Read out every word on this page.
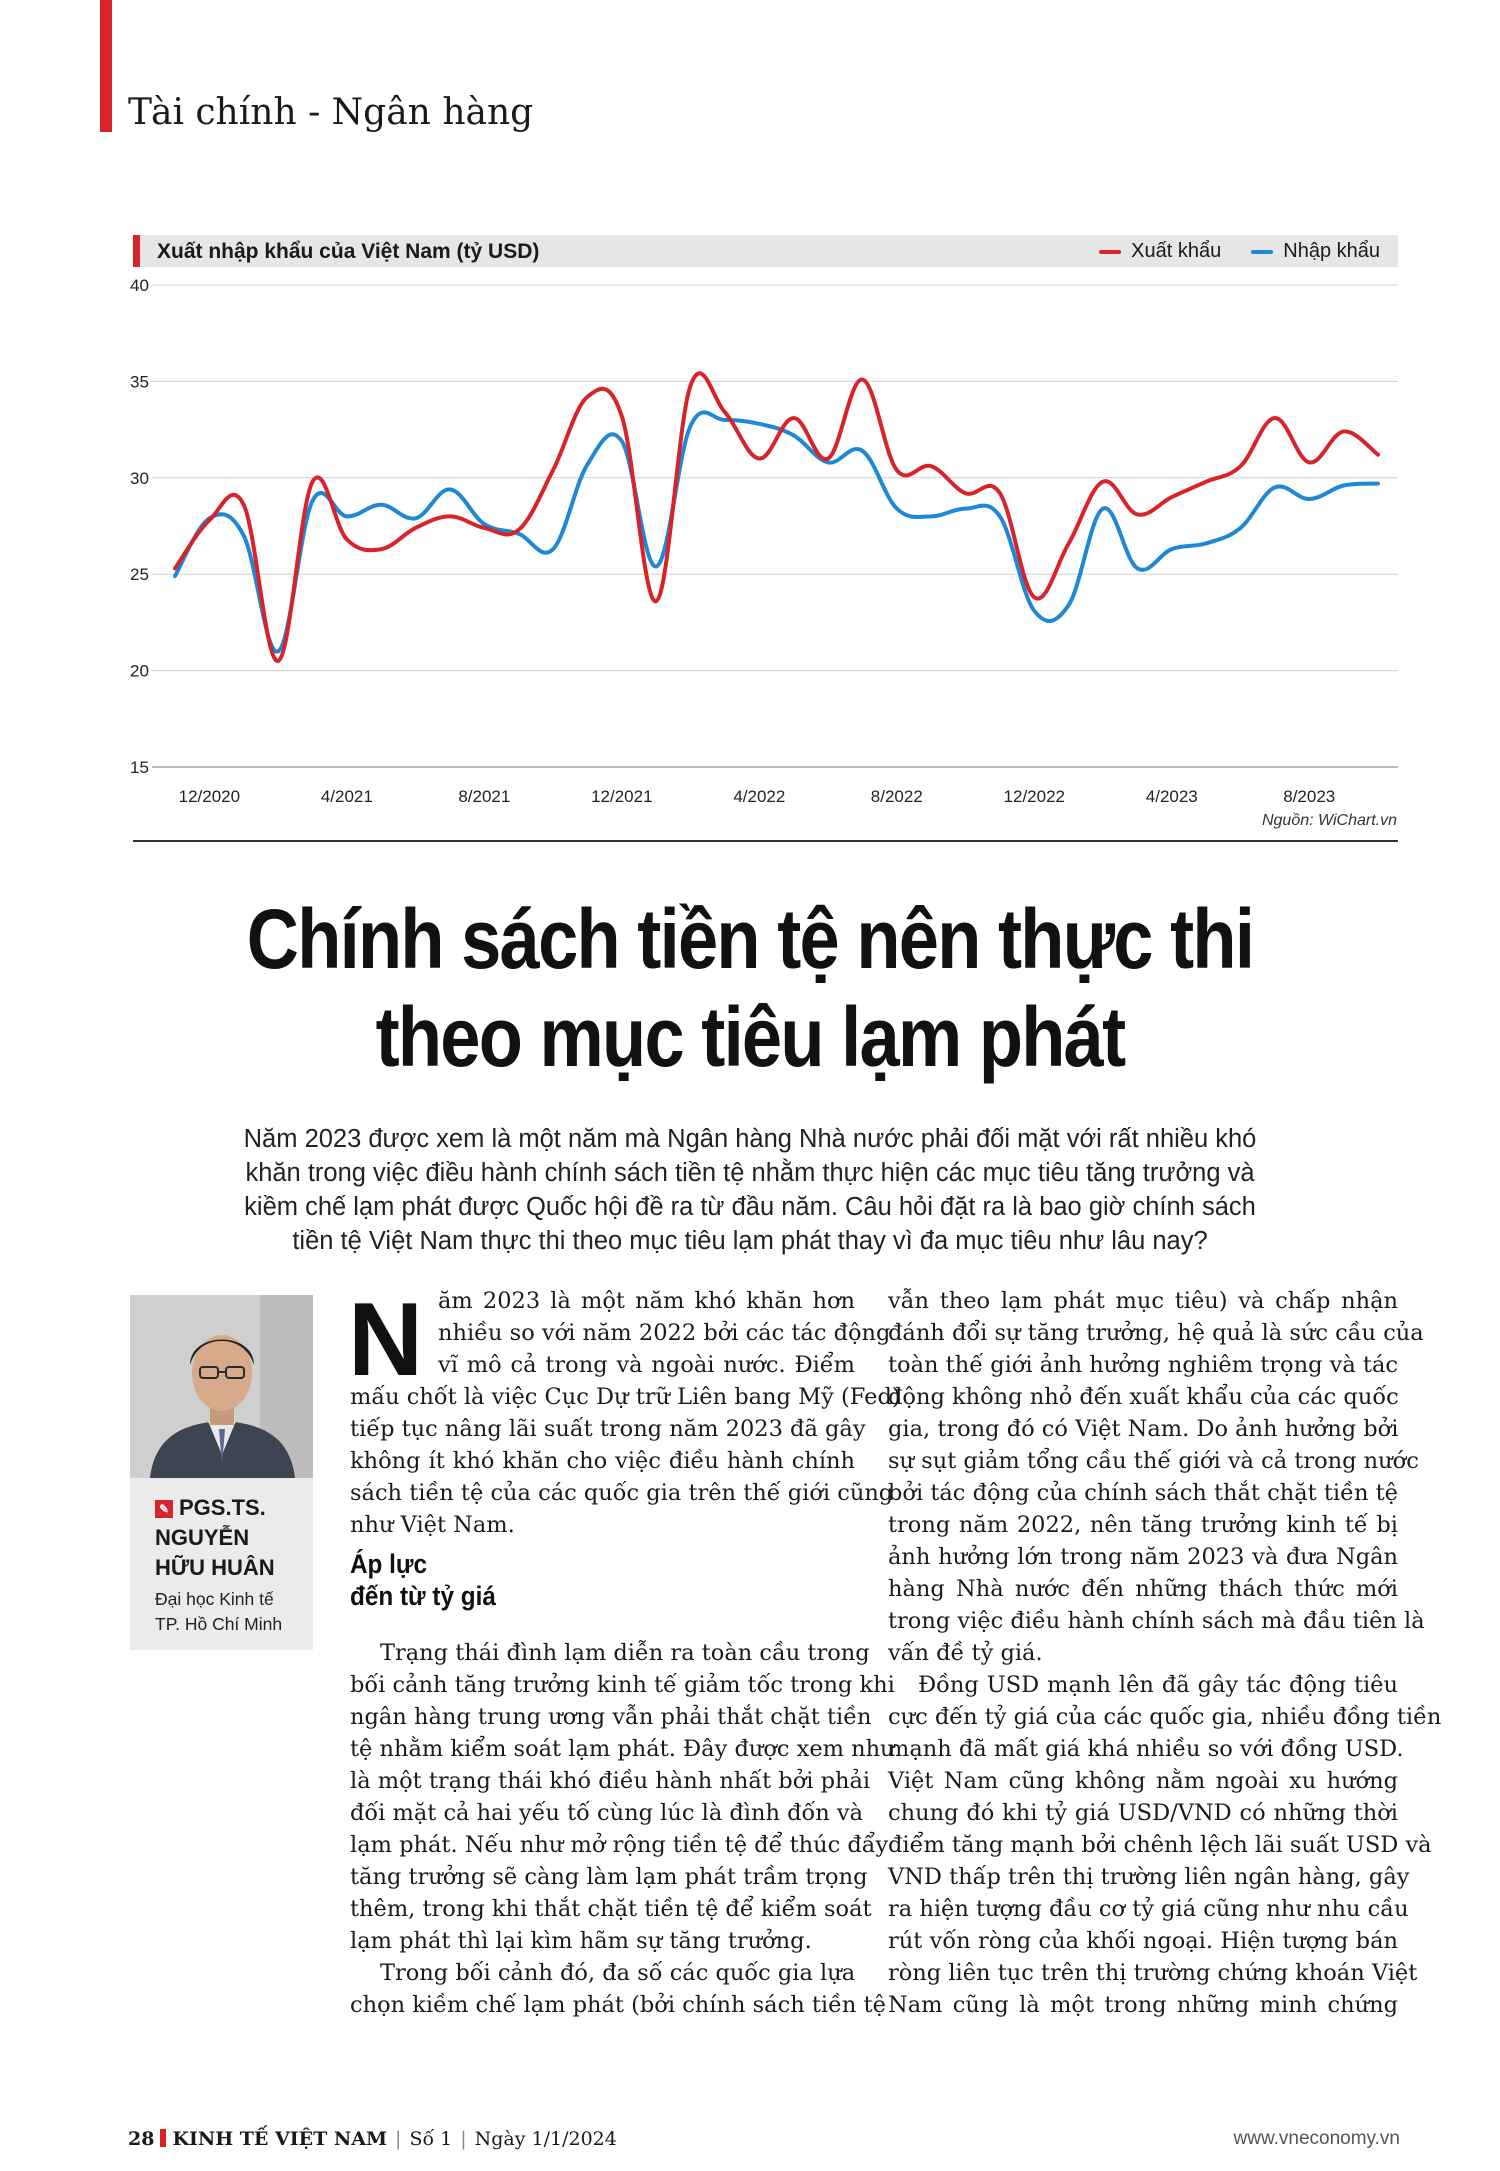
Tài chính - Ngân hàng
Xuất nhập khẩu của Việt Nam (tỷ USD)	Xuất khẩu	Nhập khẩu
15
20
25
30
35
40
12/2020	4/2021	8/2021	12/2021	4/2022	8/2022	12/2022	4/2023	8/2023
Nguồn: WiChart.vn
Chính sách tiền tệ nên thực thi
theo mục tiêu lạm phát
Năm 2023 được xem là một năm mà Ngân hàng Nhà nước phải đối mặt với rất nhiều khó
khăn trong việc điều hành chính sách tiền tệ nhằm thực hiện các mục tiêu tăng trưởng và
kiềm chế lạm phát được Quốc hội đề ra từ đầu năm. Câu hỏi đặt ra là bao giờ chính sách
tiền tệ Việt Nam thực thi theo mục tiêu lạm phát thay vì đa mục tiêu như lâu nay?
✎ PGS.TS.
NGUYỄN
HỮU HUÂN
Đại học Kinh tế
TP. Hồ Chí Minh
N ăm 2023 là một năm khó khăn hơn
nhiều so với năm 2022 bởi các tác động
vĩ mô cả trong và ngoài nước. Điểm
mấu chốt là việc Cục Dự trữ Liên bang Mỹ (Fed)
tiếp tục nâng lãi suất trong năm 2023 đã gây
không ít khó khăn cho việc điều hành chính
sách tiền tệ của các quốc gia trên thế giới cũng
như Việt Nam.
Áp lực
đến từ tỷ giá
Trạng thái đình lạm diễn ra toàn cầu trong
bối cảnh tăng trưởng kinh tế giảm tốc trong khi
ngân hàng trung ương vẫn phải thắt chặt tiền
tệ nhằm kiểm soát lạm phát. Đây được xem như
là một trạng thái khó điều hành nhất bởi phải
đối mặt cả hai yếu tố cùng lúc là đình đốn và
lạm phát. Nếu như mở rộng tiền tệ để thúc đẩy
tăng trưởng sẽ càng làm lạm phát trầm trọng
thêm, trong khi thắt chặt tiền tệ để kiểm soát
lạm phát thì lại kìm hãm sự tăng trưởng.
Trong bối cảnh đó, đa số các quốc gia lựa
chọn kiềm chế lạm phát (bởi chính sách tiền tệ
vẫn theo lạm phát mục tiêu) và chấp nhận
đánh đổi sự tăng trưởng, hệ quả là sức cầu của
toàn thế giới ảnh hưởng nghiêm trọng và tác
động không nhỏ đến xuất khẩu của các quốc
gia, trong đó có Việt Nam. Do ảnh hưởng bởi
sự sụt giảm tổng cầu thế giới và cả trong nước
bởi tác động của chính sách thắt chặt tiền tệ
trong năm 2022, nên tăng trưởng kinh tế bị
ảnh hưởng lớn trong năm 2023 và đưa Ngân
hàng Nhà nước đến những thách thức mới
trong việc điều hành chính sách mà đầu tiên là
vấn đề tỷ giá.
Đồng USD mạnh lên đã gây tác động tiêu
cực đến tỷ giá của các quốc gia, nhiều đồng tiền
mạnh đã mất giá khá nhiều so với đồng USD.
Việt Nam cũng không nằm ngoài xu hướng
chung đó khi tỷ giá USD/VND có những thời
điểm tăng mạnh bởi chênh lệch lãi suất USD và
VND thấp trên thị trường liên ngân hàng, gây
ra hiện tượng đầu cơ tỷ giá cũng như nhu cầu
rút vốn ròng của khối ngoại. Hiện tượng bán
ròng liên tục trên thị trường chứng khoán Việt
Nam cũng là một trong những minh chứng
28 KINH TẾ VIỆT NAM | Số 1 | Ngày 1/1/2024	www.vneconomy.vn
